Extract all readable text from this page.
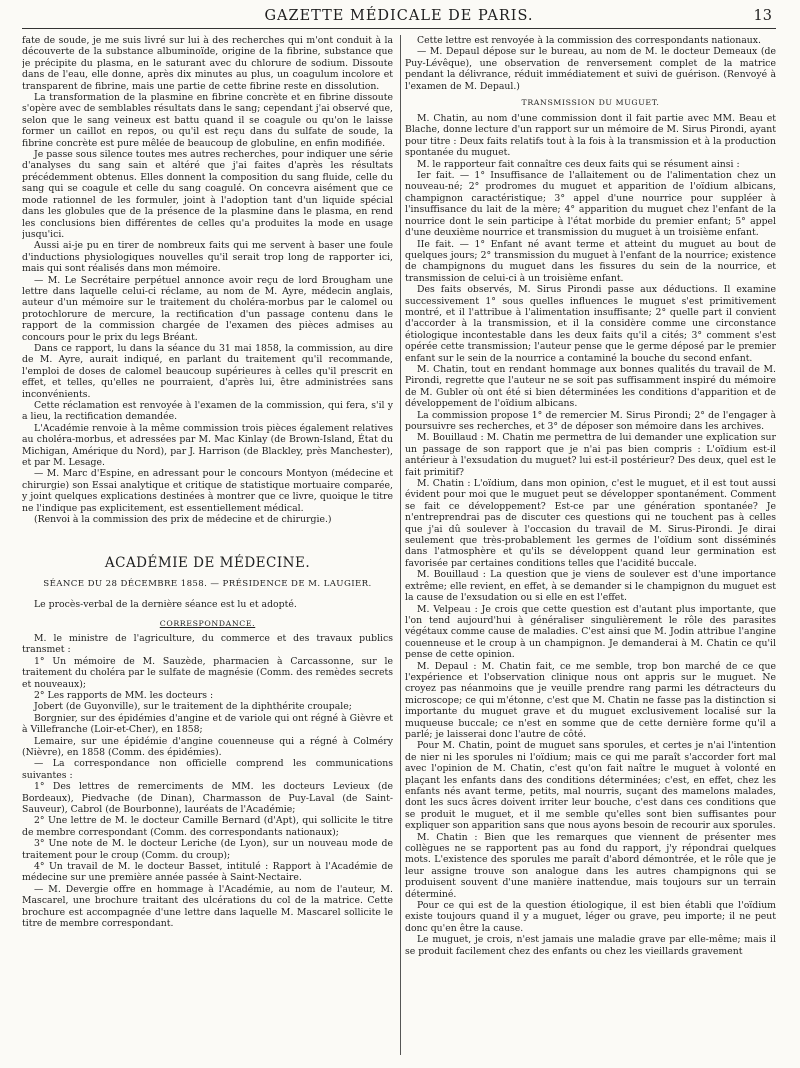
GAZETTE MÉDICALE DE PARIS.	13

fate de soude, je me suis livré sur lui à des recherches qui m'ont conduit à la découverte de la substance albuminoïde, origine de la fibrine, substance que je précipite du plasma, en le saturant avec du chlorure de sodium. Dissoute dans de l'eau, elle donne, après dix minutes au plus, un coagulum incolore et transparent de fibrine, mais une partie de cette fibrine reste en dissolution.

La transformation de la plasmine en fibrine concrète et en fibrine dissoute s'opère avec de semblables résultats dans le sang; cependant j'ai observé que, selon que le sang veineux est battu quand il se coagule ou qu'on le laisse former un caillot en repos, ou qu'il est reçu dans du sulfate de soude, la fibrine concrète est pure mêlée de beaucoup de globuline, en enfin modifiée.

Je passe sous silence toutes mes autres recherches, pour indiquer une série d'analyses du sang sain et altéré que j'ai faites d'après les résultats précédemment obtenus. Elles donnent la composition du sang fluide, celle du sang qui se coagule et celle du sang coagulé. On concevra aisément que ce mode rationnel de les formuler, joint à l'adoption tant d'un liquide spécial dans les globules que de la présence de la plasmine dans le plasma, en rend les conclusions bien différentes de celles qu'a produites la mode en usage jusqu'ici.

Aussi ai-je pu en tirer de nombreux faits qui me servent à baser une foule d'inductions physiologiques nouvelles qu'il serait trop long de rapporter ici, mais qui sont réalisés dans mon mémoire.

— M. Le Secrétaire perpétuel annonce avoir reçu de lord Brougham une lettre dans laquelle celui-ci réclame, au nom de M. Ayre, médecin anglais, auteur d'un mémoire sur le traitement du choléra-morbus par le calomel ou protochlorure de mercure, la rectification d'un passage contenu dans le rapport de la commission chargée de l'examen des pièces admises au concours pour le prix du legs Bréant.

Dans ce rapport, lu dans la séance du 31 mai 1858, la commission, au dire de M. Ayre, aurait indiqué, en parlant du traitement qu'il recommande, l'emploi de doses de calomel beaucoup supérieures à celles qu'il prescrit en effet, et telles, qu'elles ne pourraient, d'après lui, être administrées sans inconvénients.

Cette réclamation est renvoyée à l'examen de la commission, qui fera, s'il y a lieu, la rectification demandée.

L'Académie renvoie à la même commission trois pièces également relatives au choléra-morbus, et adressées par M. Mac Kinlay (de Brown-Island, État du Michigan, Amérique du Nord), par J. Harrison (de Blackley, près Manchester), et par M. Lesage.

— M. Marc d'Espine, en adressant pour le concours Montyon (médecine et chirurgie) son Essai analytique et critique de statistique mortuaire comparée, y joint quelques explications destinées à montrer que ce livre, quoique le titre ne l'indique pas explicitement, est essentiellement médical.

(Renvoi à la commission des prix de médecine et de chirurgie.)

ACADÉMIE DE MÉDECINE.
SÉANCE DU 28 DÉCEMBRE 1858. — PRÉSIDENCE DE M. LAUGIER.

Le procès-verbal de la dernière séance est lu et adopté.

CORRESPONDANCE.

M. le ministre de l'agriculture, du commerce et des travaux publics transmet :

1° Un mémoire de M. Sauzède, pharmacien à Carcassonne, sur le traitement du choléra par le sulfate de magnésie (Comm. des remèdes secrets et nouveaux);

2° Les rapports de MM. les docteurs :

Jobert (de Guyonville), sur le traitement de la diphthérite croupale;

Borgnier, sur des épidémies d'angine et de variole qui ont régné à Gièvre et à Villefranche (Loir-et-Cher), en 1858;

Lemaire, sur une épidémie d'angine couenneuse qui a régné à Colméry (Nièvre), en 1858 (Comm. des épidémies).

— La correspondance non officielle comprend les communications suivantes :

1° Des lettres de remerciments de MM. les docteurs Levieux (de Bordeaux), Piedvache (de Dinan), Charmasson de Puy-Laval (de Saint-Sauveur), Cabrol (de Bourbonne), lauréats de l'Académie;

2° Une lettre de M. le docteur Camille Bernard (d'Apt), qui sollicite le titre de membre correspondant (Comm. des correspondants nationaux);

3° Une note de M. le docteur Leriche (de Lyon), sur un nouveau mode de traitement pour le croup (Comm. du croup);

4° Un travail de M. le docteur Basset, intitulé : Rapport à l'Académie de médecine sur une première année passée à Saint-Nectaire.

— M. Devergie offre en hommage à l'Académie, au nom de l'auteur, M. Mascarel, une brochure traitant des ulcérations du col de la matrice. Cette brochure est accompagnée d'une lettre dans laquelle M. Mascarel sollicite le titre de membre correspondant.

Cette lettre est renvoyée à la commission des correspondants nationaux.

— M. Depaul dépose sur le bureau, au nom de M. le docteur Demeaux (de Puy-Lévêque), une observation de renversement complet de la matrice pendant la délivrance, réduit immédiatement et suivi de guérison. (Renvoyé à l'examen de M. Depaul.)

TRANSMISSION DU MUGUET.

M. Chatin, au nom d'une commission dont il fait partie avec MM. Beau et Blache, donne lecture d'un rapport sur un mémoire de M. Sirus Pirondi, ayant pour titre : Deux faits relatifs tout à la fois à la transmission et à la production spontanée du muguet.

M. le rapporteur fait connaître ces deux faits qui se résument ainsi :

Ier fait. — 1° Insuffisance de l'allaitement ou de l'alimentation chez un nouveau-né; 2° prodromes du muguet et apparition de l'oïdium albicans, champignon caractéristique; 3° appel d'une nourrice pour suppléer à l'insuffisance du lait de la mère; 4° apparition du muguet chez l'enfant de la nourrice dont le sein participe à l'état morbide du premier enfant; 5° appel d'une deuxième nourrice et transmission du muguet à un troisième enfant.

IIe fait. — 1° Enfant né avant terme et atteint du muguet au bout de quelques jours; 2° transmission du muguet à l'enfant de la nourrice; existence de champignons du muguet dans les fissures du sein de la nourrice, et transmission de celui-ci à un troisième enfant.

Des faits observés, M. Sirus Pirondi passe aux déductions. Il examine successivement 1° sous quelles influences le muguet s'est primitivement montré, et il l'attribue à l'alimentation insuffisante; 2° quelle part il convient d'accorder à la transmission, et il la considère comme une circonstance étiologique incontestable dans les deux faits qu'il a cités; 3° comment s'est opérée cette transmission; l'auteur pense que le germe déposé par le premier enfant sur le sein de la nourrice a contaminé la bouche du second enfant.

M. Chatin, tout en rendant hommage aux bonnes qualités du travail de M. Pirondi, regrette que l'auteur ne se soit pas suffisamment inspiré du mémoire de M. Gubler où ont été si bien déterminées les conditions d'apparition et de développement de l'oïdium albicans.

La commission propose 1° de remercier M. Sirus Pirondi; 2° de l'engager à poursuivre ses recherches, et 3° de déposer son mémoire dans les archives.

M. Bouillaud : M. Chatin me permettra de lui demander une explication sur un passage de son rapport que je n'ai pas bien compris : L'oïdium est-il antérieur à l'exsudation du muguet? lui est-il postérieur? Des deux, quel est le fait primitif?

M. Chatin : L'oïdium, dans mon opinion, c'est le muguet, et il est tout aussi évident pour moi que le muguet peut se développer spontanément. Comment se fait ce développement? Est-ce par une génération spontanée? Je n'entreprendrai pas de discuter ces questions qui ne touchent pas à celles que j'ai dû soulever à l'occasion du travail de M. Sirus-Pirondi. Je dirai seulement que très-probablement les germes de l'oïdium sont disséminés dans l'atmosphère et qu'ils se développent quand leur germination est favorisée par certaines conditions telles que l'acidité buccale.

M. Bouillaud : La question que je viens de soulever est d'une importance extrême; elle revient, en effet, à se demander si le champignon du muguet est la cause de l'exsudation ou si elle en est l'effet.

M. Velpeau : Je crois que cette question est d'autant plus importante, que l'on tend aujourd'hui à généraliser singulièrement le rôle des parasites végétaux comme cause de maladies. C'est ainsi que M. Jodin attribue l'angine couenneuse et le croup à un champignon. Je demanderai à M. Chatin ce qu'il pense de cette opinion.

M. Depaul : M. Chatin fait, ce me semble, trop bon marché de ce que l'expérience et l'observation clinique nous ont appris sur le muguet. Ne croyez pas néanmoins que je veuille prendre rang parmi les détracteurs du microscope; ce qui m'étonne, c'est que M. Chatin ne fasse pas la distinction si importante du muguet grave et du muguet exclusivement localisé sur la muqueuse buccale; ce n'est en somme que de cette dernière forme qu'il a parlé; je laisserai donc l'autre de côté.

Pour M. Chatin, point de muguet sans sporules, et certes je n'ai l'intention de nier ni les sporules ni l'oïdium; mais ce qui me paraît s'accorder fort mal avec l'opinion de M. Chatin, c'est qu'on fait naître le muguet à volonté en plaçant les enfants dans des conditions déterminées; c'est, en effet, chez les enfants nés avant terme, petits, mal nourris, suçant des mamelons malades, dont les sucs âcres doivent irriter leur bouche, c'est dans ces conditions que se produit le muguet, et il me semble qu'elles sont bien suffisantes pour expliquer son apparition sans que nous ayons besoin de recourir aux sporules.

M. Chatin : Bien que les remarques que viennent de présenter mes collègues ne se rapportent pas au fond du rapport, j'y répondrai quelques mots. L'existence des sporules me paraît d'abord démontrée, et le rôle que je leur assigne trouve son analogue dans les autres champignons qui se produisent souvent d'une manière inattendue, mais toujours sur un terrain déterminé.

Pour ce qui est de la question étiologique, il est bien établi que l'oïdium existe toujours quand il y a muguet, léger ou grave, peu importe; il ne peut donc qu'en être la cause.

Le muguet, je crois, n'est jamais une maladie grave par elle-même; mais il se produit facilement chez des enfants ou chez les vieillards gravement
